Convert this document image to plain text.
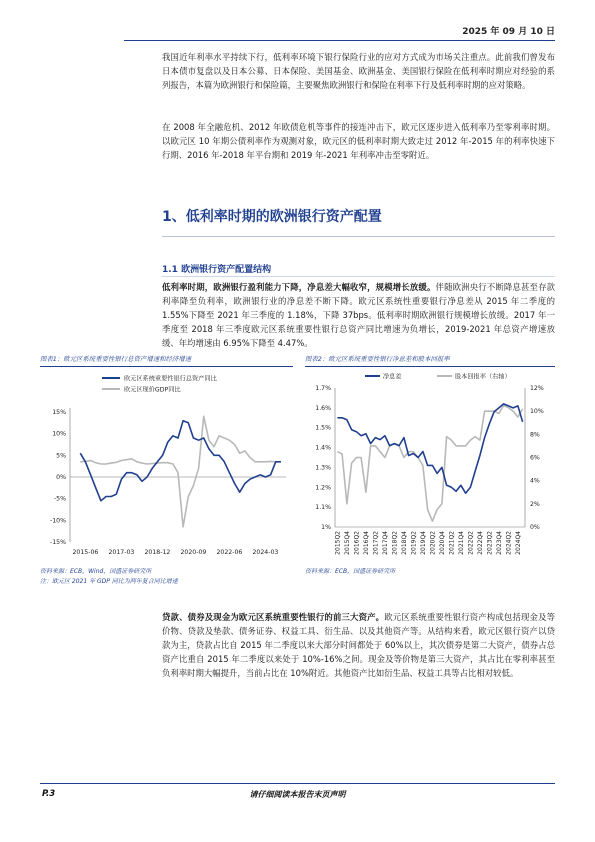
2025 年 09 月 10 日

我国近年利率水平持续下行，低利率环境下银行保险行业的应对方式成为市场关注重点。此前我们曾发布日本债市复盘以及日本公募、日本保险、美国基金、欧洲基金、美国银行保险在低利率时期应对经验的系列报告，本篇为欧洲银行和保险篇，主要聚焦欧洲银行和保险在利率下行及低利率时期的应对策略。

在 2008 年全融危机、2012 年欧债危机等事件的接连冲击下，欧元区逐步进入低利率乃至零利率时期。以欧元区 10 年期公债利率作为观测对象，欧元区的低利率时期大致走过 2012 年-2015 年的利率快速下行期、2016 年-2018 年平台期和 2019 年-2021 年利率冲击至零附近。

1、低利率时期的欧洲银行资产配置
1.1 欧洲银行资产配置结构

低利率时期，欧洲银行盈利能力下降，净息差大幅收窄，规模增长放缓。伴随欧洲央行不断降息甚至存款利率降至负利率，欧洲银行业的净息差不断下降。欧元区系统性重要银行净息差从 2015 年二季度的 1.55%下降至 2021 年三季度的 1.18%，下降 37bps。低利率时期欧洲银行规模增长放缓。2017 年一季度至 2018 年三季度欧元区系统重要性银行总资产同比增速为负增长，2019-2021 年总资产增速放缓、年均增速由 6.95%下降至 4.47%。

图表1：欧元区系统重要性银行总资产增速和经济增速
欧元区系统重要性银行总资产同比
欧元区现价GDP同比
-15%
-10%
-5%
0%
5%
10%
15%
2015-06 2017-03 2018-12 2020-09 2022-06 2024-03
资料来源：ECB，Wind，国盛证券研究所
注：欧元区 2021 年 GDP 同比为两年复合同比增速
图表2：欧元区系统重要性银行净息差和股本回报率
净息差	股本回报率（右轴）
1%
1.1%
1.2%
1.3%
1.4%
1.5%
1.6%
1.7%
0%
2%
4%
6%
8%
10%
12%
2015Q2 2015Q4 2016Q2 2016Q4 2017Q2 2017Q4 2018Q2 2018Q4 2019Q2 2019Q4 2020Q2 2020Q4 2021Q2 2021Q4 2022Q2 2022Q4 2023Q2 2023Q4 2024Q2 2024Q4
资料来源：ECB，国盛证券研究所

贷款、债券及现金为欧元区系统重要性银行的前三大资产。欧元区系统重要性银行资产构成包括现金及等价物、贷款及垫款、债务证券、权益工具、衍生品、以及其他资产等。从结构来看，欧元区银行资产以贷款为主，贷款占比自 2015 年二季度以来大部分时间都处于 60%以上，其次债券是第二大资产，债券占总资产比重自 2015 年二季度以来处于 10%-16%之间。现金及等价物是第三大资产，其占比在零利率甚至负利率时期大幅提升，当前占比在 10%附近。其他资产比如衍生品、权益工具等占比相对较低。

P.3	请仔细阅读本报告末页声明
